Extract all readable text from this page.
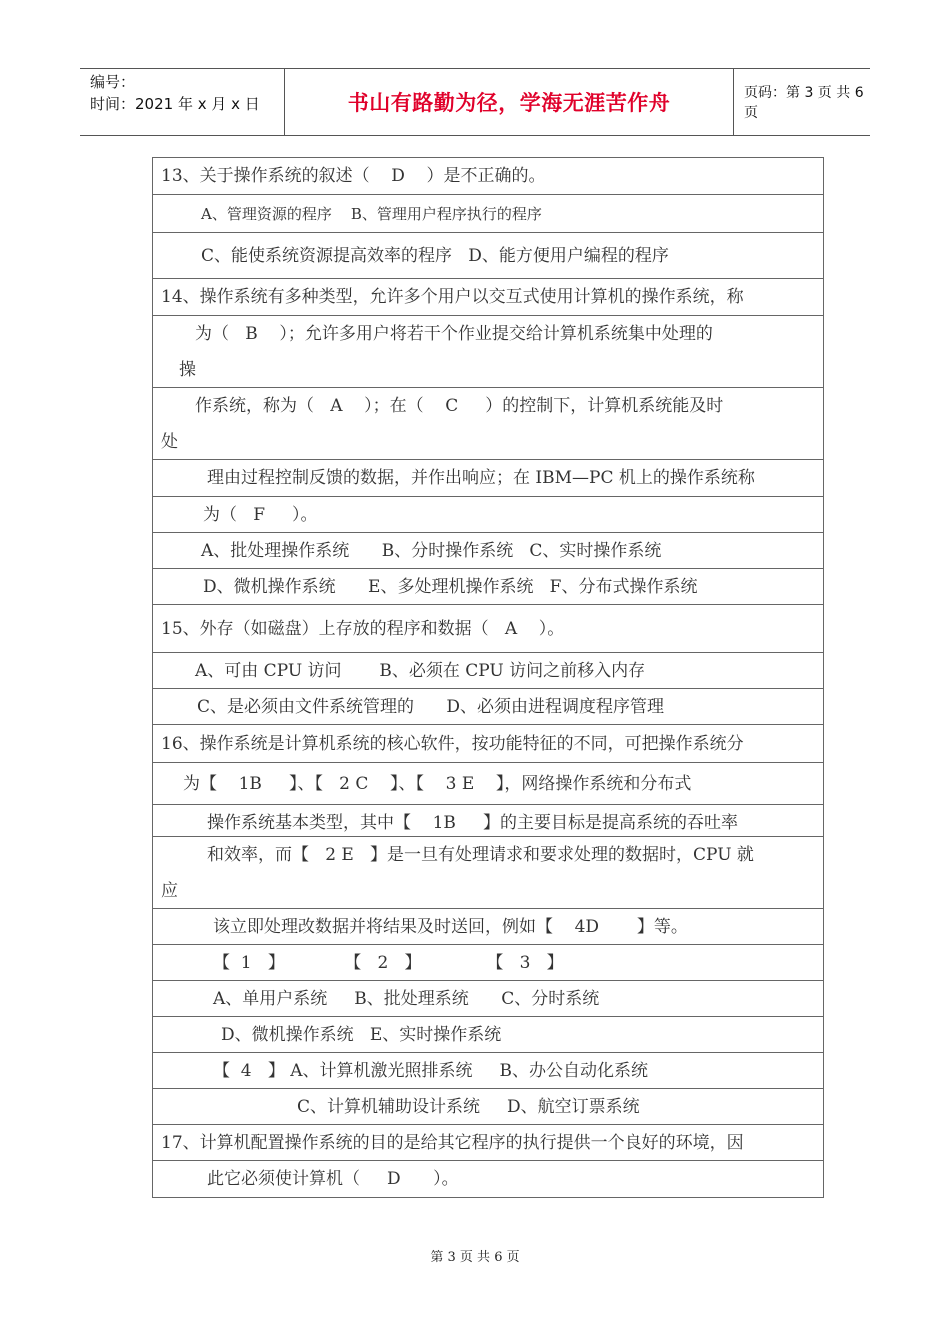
编号：
时间：2021 年 x 月 x 日	书山有路勤为径，学海无涯苦作舟	页码：第 3 页 共 6 页
13、关于操作系统的叙述（    D    ）是不正确的。
A、管理资源的程序    B、管理用户程序执行的程序
C、能使系统资源提高效率的程序   D、能方便用户编程的程序
14、操作系统有多种类型，允许多个用户以交互式使用计算机的操作系统，称
为（   B    ）；允许多用户将若干个作业提交给计算机系统集中处理的
操
作系统，称为（   A    ）；在（    C     ）的控制下，计算机系统能及时
处
理由过程控制反馈的数据，并作出响应；在 IBM—PC 机上的操作系统称
为（   F     ）。
A、批处理操作系统      B、分时操作系统   C、实时操作系统
D、微机操作系统      E、多处理机操作系统   F、分布式操作系统
15、外存（如磁盘）上存放的程序和数据（   A    ）。
A、可由 CPU 访问       B、必须在 CPU 访问之前移入内存
C、是必须由文件系统管理的      D、必须由进程调度程序管理
16、操作系统是计算机系统的核心软件，按功能特征的不同，可把操作系统分
为【    1B     】、【   2 C    】、【    3 E    】，网络操作系统和分布式
操作系统基本类型，其中【    1B     】的主要目标是提高系统的吞吐率
和效率，而【   2 E   】是一旦有处理请求和要求处理的数据时，CPU 就
应
该立即处理改数据并将结果及时送回，例如【    4D       】等。
【  1   】           【   2   】            【   3   】
A、单用户系统     B、批处理系统      C、分时系统
D、微机操作系统   E、实时操作系统
【  4   】 A、计算机激光照排系统     B、办公自动化系统
C、计算机辅助设计系统     D、航空订票系统
17、计算机配置操作系统的目的是给其它程序的执行提供一个良好的环境，因
此它必须使计算机（     D      ）。
第 3 页 共 6 页
